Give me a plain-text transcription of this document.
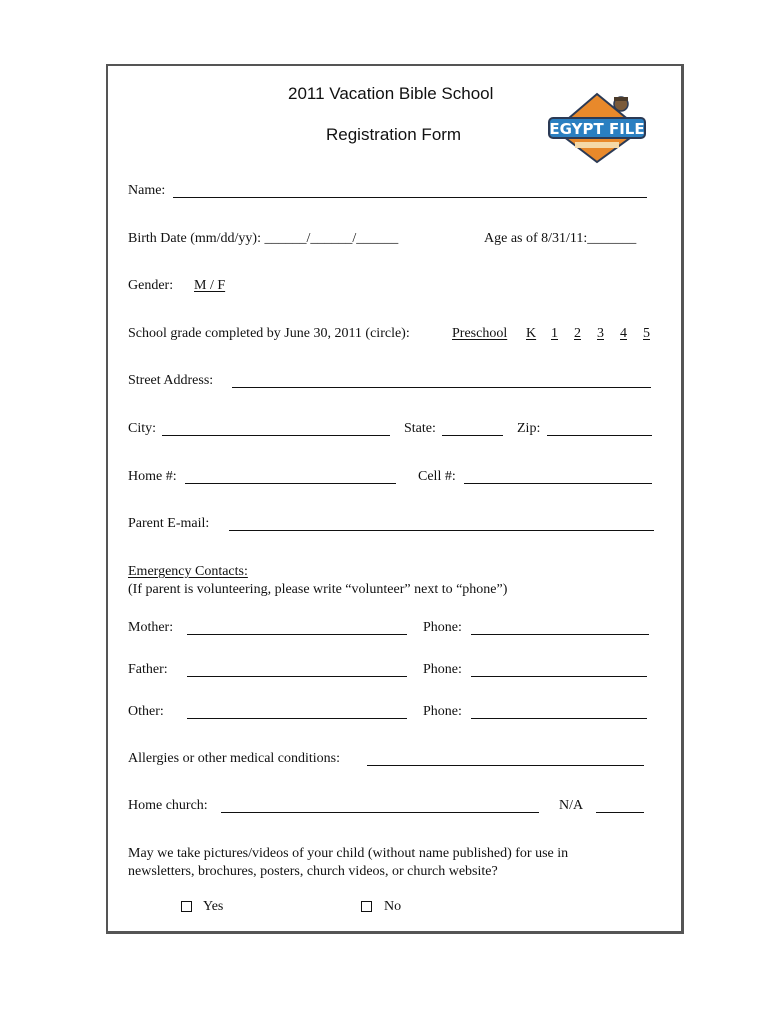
2011 Vacation Bible School
Registration Form	EGYPT FILE
Name:
Birth Date (mm/dd/yy): ______/______/______	Age as of 8/31/11:_______
Gender: M / F
School grade completed by June 30, 2011 (circle):	Preschool K 1 2 3 4 5
Street Address:
City:	State:	Zip:
Home #:	Cell #:
Parent E-mail:
Emergency Contacts:
(If parent is volunteering, please write “volunteer” next to “phone”)
Mother:	Phone:
Father:	Phone:
Other:	Phone:
Allergies or other medical conditions:
Home church:	N/A
May we take pictures/videos of your child (without name published) for use in
newsletters, brochures, posters, church videos, or church website?
Yes	No
